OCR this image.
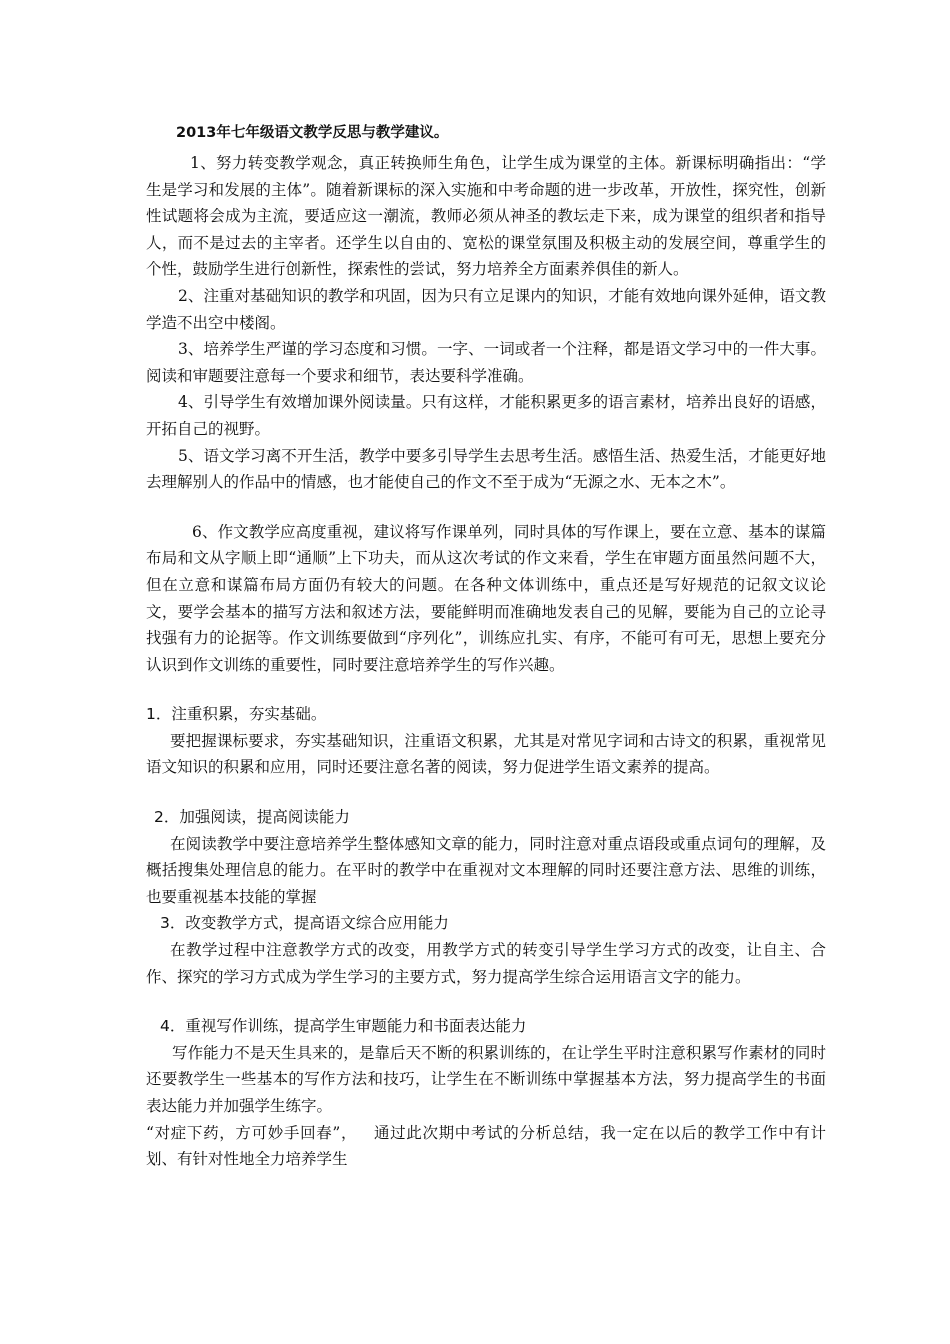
2013年七年级语文教学反思与教学建议。

1、努力转变教学观念，真正转换师生角色，让学生成为课堂的主体。新课标明确指出：“学生是学习和发展的主体”。随着新课标的深入实施和中考命题的进一步改革，开放性，探究性，创新性试题将会成为主流，要适应这一潮流，教师必须从神圣的教坛走下来，成为课堂的组织者和指导人，而不是过去的主宰者。还学生以自由的、宽松的课堂氛围及积极主动的发展空间，尊重学生的个性，鼓励学生进行创新性，探索性的尝试，努力培养全方面素养俱佳的新人。

2、注重对基础知识的教学和巩固，因为只有立足课内的知识，才能有效地向课外延伸，语文教学造不出空中楼阁。

3、培养学生严谨的学习态度和习惯。一字、一词或者一个注释，都是语文学习中的一件大事。阅读和审题要注意每一个要求和细节，表达要科学准确。

4、引导学生有效增加课外阅读量。只有这样，才能积累更多的语言素材，培养出良好的语感，开拓自己的视野。

5、语文学习离不开生活，教学中要多引导学生去思考生活。感悟生活、热爱生活，才能更好地去理解别人的作品中的情感，也才能使自己的作文不至于成为“无源之水、无本之木”。

6、作文教学应高度重视，建议将写作课单列，同时具体的写作课上，要在立意、基本的谋篇布局和文从字顺上即“通顺”上下功夫，而从这次考试的作文来看，学生在审题方面虽然问题不大，但在立意和谋篇布局方面仍有较大的问题。在各种文体训练中，重点还是写好规范的记叙文议论文，要学会基本的描写方法和叙述方法，要能鲜明而准确地发表自己的见解，要能为自己的立论寻找强有力的论据等。作文训练要做到“序列化”，训练应扎实、有序，不能可有可无，思想上要充分认识到作文训练的重要性，同时要注意培养学生的写作兴趣。

1．注重积累，夯实基础。

要把握课标要求，夯实基础知识，注重语文积累，尤其是对常见字词和古诗文的积累，重视常见语文知识的积累和应用，同时还要注意名著的阅读，努力促进学生语文素养的提高。

2．加强阅读，提高阅读能力

在阅读教学中要注意培养学生整体感知文章的能力，同时注意对重点语段或重点词句的理解，及概括搜集处理信息的能力。在平时的教学中在重视对文本理解的同时还要注意方法、思维的训练，也要重视基本技能的掌握

3．改变教学方式，提高语文综合应用能力

在教学过程中注意教学方式的改变，用教学方式的转变引导学生学习方式的改变，让自主、合作、探究的学习方式成为学生学习的主要方式，努力提高学生综合运用语言文字的能力。

4．重视写作训练，提高学生审题能力和书面表达能力

写作能力不是天生具来的，是靠后天不断的积累训练的，在让学生平时注意积累写作素材的同时还要教学生一些基本的写作方法和技巧，让学生在不断训练中掌握基本方法，努力提高学生的书面表达能力并加强学生练字。

“对症下药，方可妙手回春”，   通过此次期中考试的分析总结，我一定在以后的教学工作中有计划、有针对性地全力培养学生
